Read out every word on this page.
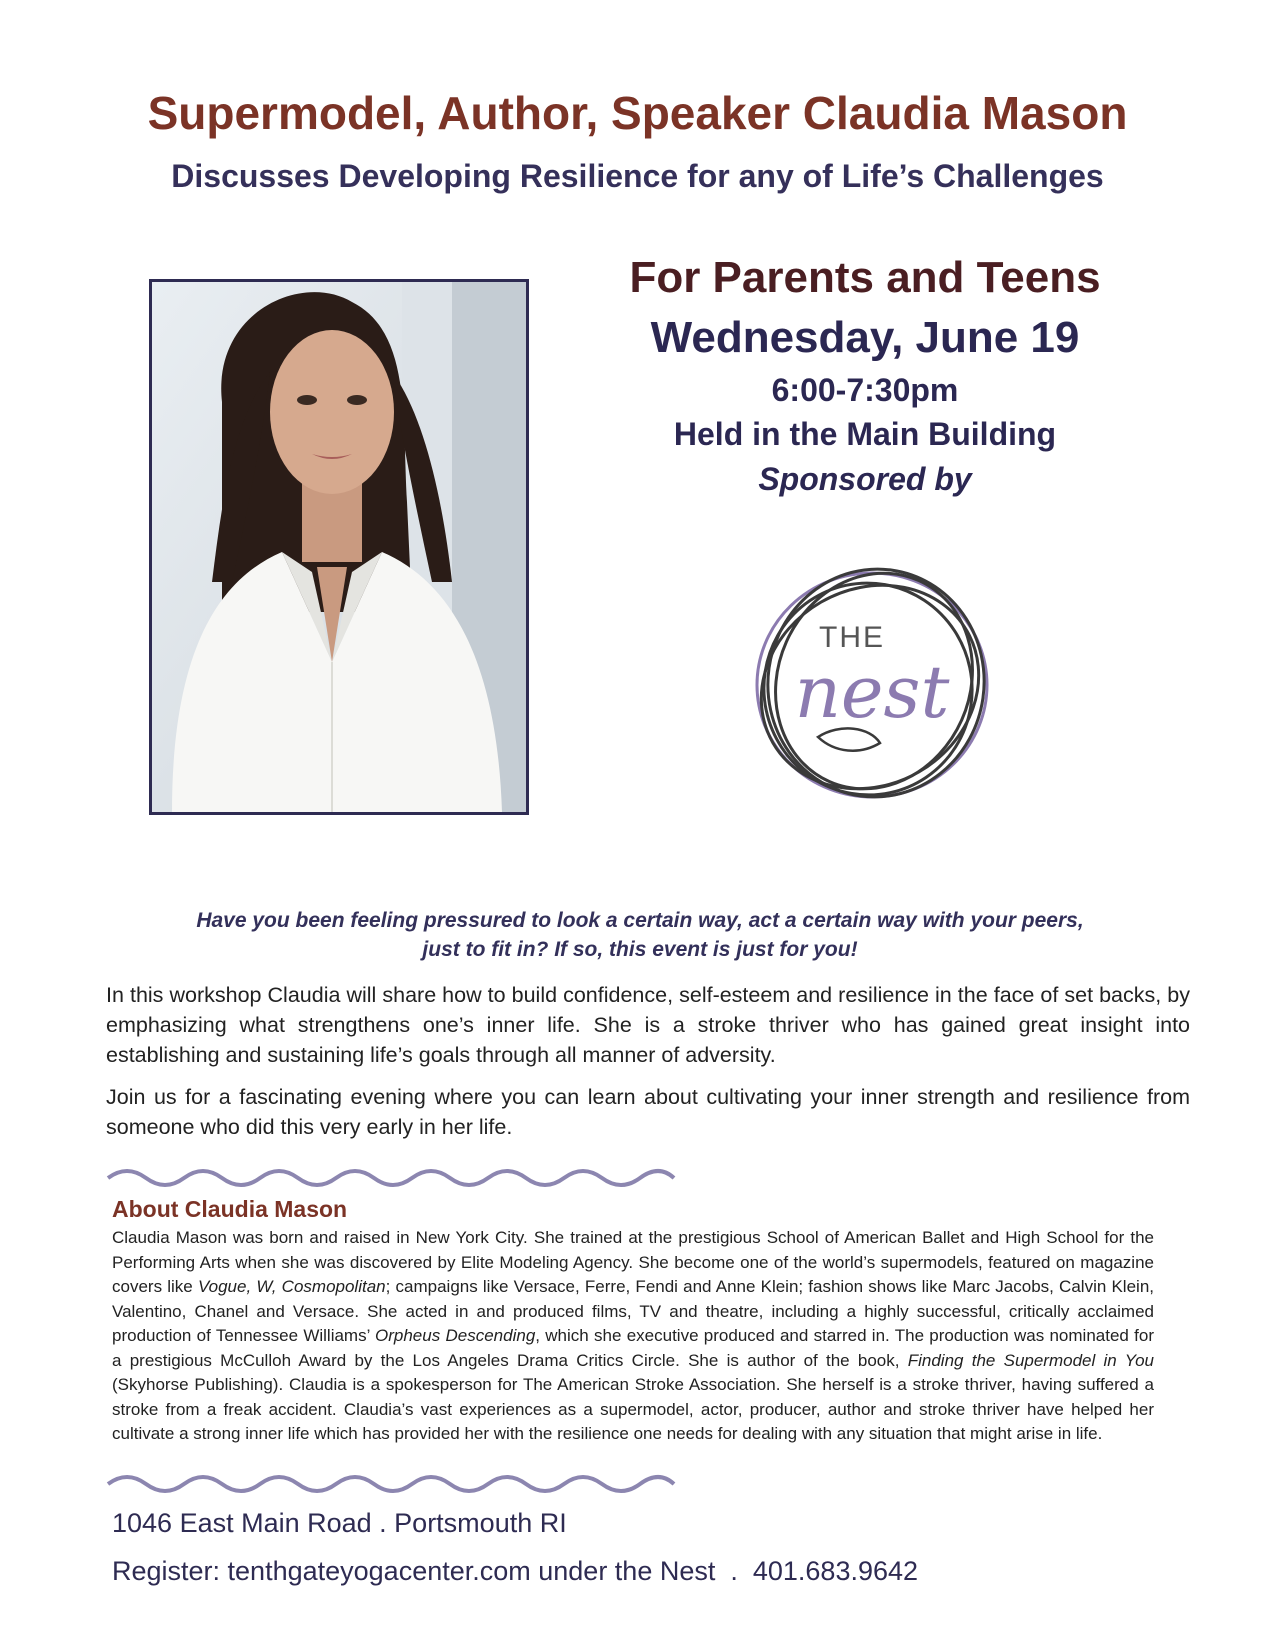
Supermodel, Author, Speaker Claudia Mason
Discusses Developing Resilience for any of Life’s Challenges
For Parents and Teens
Wednesday, June 19
6:00-7:30pm
Held in the Main Building
Sponsored by
THE
nest
Have you been feeling pressured to look a certain way, act a certain way with your peers,
just to fit in? If so, this event is just for you!

In this workshop Claudia will share how to build confidence, self-esteem and resilience in the face of set backs, by emphasizing what strengthens one’s inner life. She is a stroke thriver who has gained great insight into establishing and sustaining life’s goals through all manner of adversity.

Join us for a fascinating evening where you can learn about cultivating your inner strength and resilience from someone who did this very early in her life.

About Claudia Mason
Claudia Mason was born and raised in New York City. She trained at the prestigious School of American Ballet and High School for the Performing Arts when she was discovered by Elite Modeling Agency. She become one of the world’s supermodels, featured on magazine covers like Vogue, W, Cosmopolitan; campaigns like Versace, Ferre, Fendi and Anne Klein; fashion shows like Marc Jacobs, Calvin Klein, Valentino, Chanel and Versace. She acted in and produced films, TV and theatre, including a highly successful, critically acclaimed production of Tennessee Williams’ Orpheus Descending, which she executive produced and starred in. The production was nominated for a prestigious McCulloh Award by the Los Angeles Drama Critics Circle. She is author of the book, Finding the Supermodel in You (Skyhorse Publishing). Claudia is a spokesperson for The American Stroke Association. She herself is a stroke thriver, having suffered a stroke from a freak accident. Claudia’s vast experiences as a supermodel, actor, producer, author and stroke thriver have helped her cultivate a strong inner life which has provided her with the resilience one needs for dealing with any situation that might arise in life.
1046 East Main Road . Portsmouth RI
Register: tenthgateyogacenter.com under the Nest  .  401.683.9642
